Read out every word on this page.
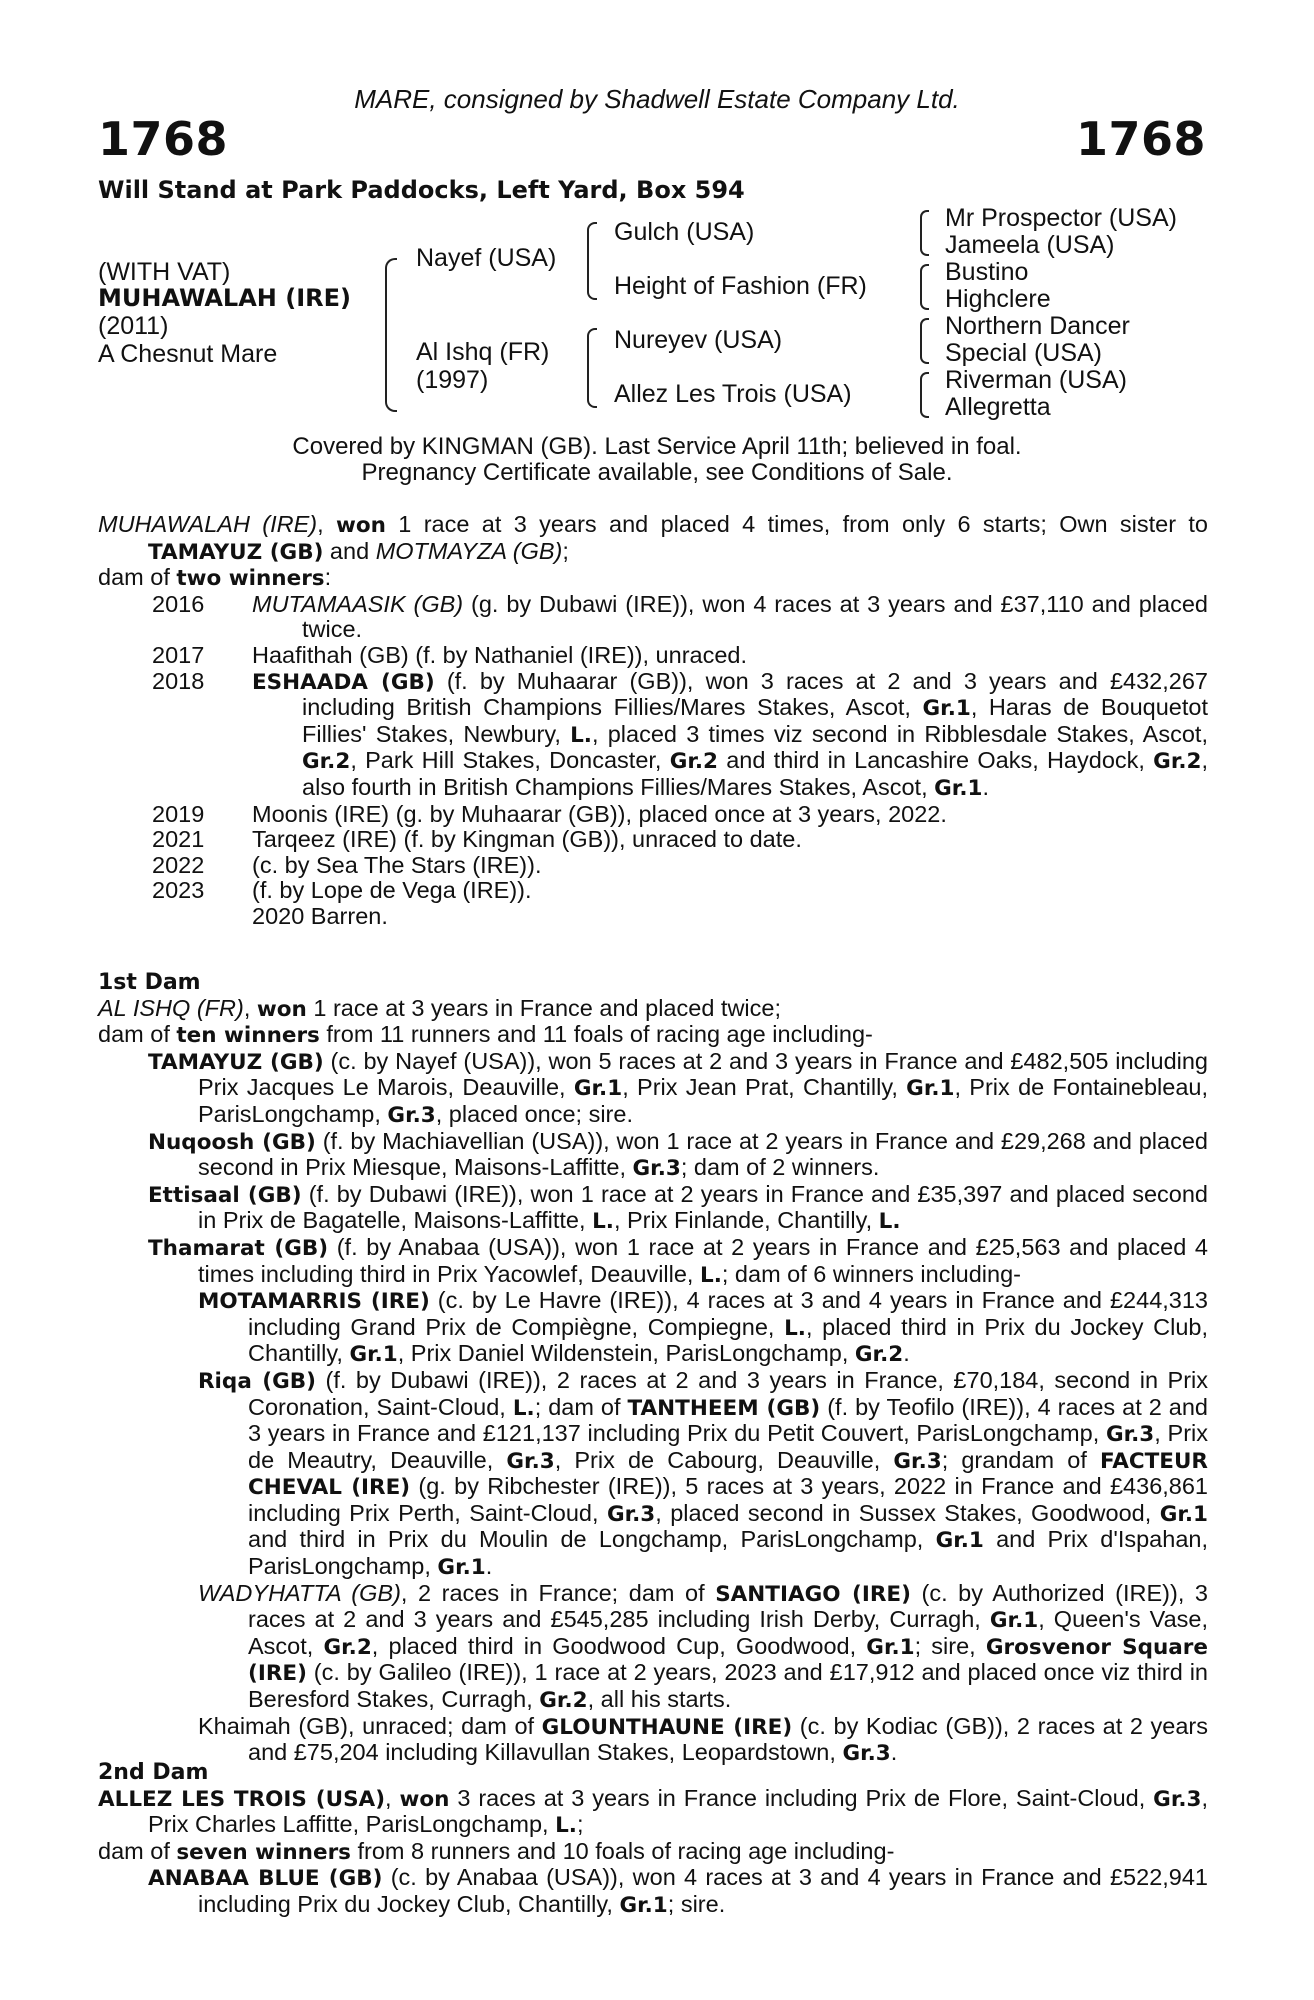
1768
MARE, consigned by Shadwell Estate Company Ltd.
1768
Will Stand at Park Paddocks, Left Yard, Box 594
(WITH VAT)
MUHAWALAH (IRE)
(2011)
A Chesnut Mare
Nayef (USA)
Al Ishq (FR)
(1997)
Gulch (USA)
Height of Fashion (FR)
Nureyev (USA)
Allez Les Trois (USA)
Mr Prospector (USA)
Jameela (USA)
Bustino
Highclere
Northern Dancer
Special (USA)
Riverman (USA)
Allegretta
Covered by KINGMAN (GB). Last Service April 11th; believed in foal.
Pregnancy Certificate available, see Conditions of Sale.

MUHAWALAH (IRE), won 1 race at 3 years and placed 4 times, from only 6 starts; Own sister to TAMAYUZ (GB) and MOTMAYZA (GB);

dam of two winners:

2016	MUTAMAASIK (GB) (g. by Dubawi (IRE)), won 4 races at 3 years and £37,110 and placed twice.
2017	Haafithah (GB) (f. by Nathaniel (IRE)), unraced.
2018	ESHAADA (GB) (f. by Muhaarar (GB)), won 3 races at 2 and 3 years and £432,267 including British Champions Fillies/Mares Stakes, Ascot, Gr.1, Haras de Bouquetot Fillies' Stakes, Newbury, L., placed 3 times viz second in Ribblesdale Stakes, Ascot, Gr.2, Park Hill Stakes, Doncaster, Gr.2 and third in Lancashire Oaks, Haydock, Gr.2, also fourth in British Champions Fillies/Mares Stakes, Ascot, Gr.1.
2019	Moonis (IRE) (g. by Muhaarar (GB)), placed once at 3 years, 2022.
2021	Tarqeez (IRE) (f. by Kingman (GB)), unraced to date.
2022	(c. by Sea The Stars (IRE)).
2023	(f. by Lope de Vega (IRE)).

2020 Barren.

1st Dam

AL ISHQ (FR), won 1 race at 3 years in France and placed twice;

dam of ten winners from 11 runners and 11 foals of racing age including-

TAMAYUZ (GB) (c. by Nayef (USA)), won 5 races at 2 and 3 years in France and £482,505 including Prix Jacques Le Marois, Deauville, Gr.1, Prix Jean Prat, Chantilly, Gr.1, Prix de Fontainebleau, ParisLongchamp, Gr.3, placed once; sire.

Nuqoosh (GB) (f. by Machiavellian (USA)), won 1 race at 2 years in France and £29,268 and placed second in Prix Miesque, Maisons-Laffitte, Gr.3; dam of 2 winners.

Ettisaal (GB) (f. by Dubawi (IRE)), won 1 race at 2 years in France and £35,397 and placed second in Prix de Bagatelle, Maisons-Laffitte, L., Prix Finlande, Chantilly, L.

Thamarat (GB) (f. by Anabaa (USA)), won 1 race at 2 years in France and £25,563 and placed 4 times including third in Prix Yacowlef, Deauville, L.; dam of 6 winners including-

MOTAMARRIS (IRE) (c. by Le Havre (IRE)), 4 races at 3 and 4 years in France and £244,313 including Grand Prix de Compiègne, Compiegne, L., placed third in Prix du Jockey Club, Chantilly, Gr.1, Prix Daniel Wildenstein, ParisLongchamp, Gr.2.

Riqa (GB) (f. by Dubawi (IRE)), 2 races at 2 and 3 years in France, £70,184, second in Prix Coronation, Saint-Cloud, L.; dam of TANTHEEM (GB) (f. by Teofilo (IRE)), 4 races at 2 and 3 years in France and £121,137 including Prix du Petit Couvert, ParisLongchamp, Gr.3, Prix de Meautry, Deauville, Gr.3, Prix de Cabourg, Deauville, Gr.3; grandam of FACTEUR CHEVAL (IRE) (g. by Ribchester (IRE)), 5 races at 3 years, 2022 in France and £436,861 including Prix Perth, Saint-Cloud, Gr.3, placed second in Sussex Stakes, Goodwood, Gr.1 and third in Prix du Moulin de Longchamp, ParisLongchamp, Gr.1 and Prix d'Ispahan, ParisLongchamp, Gr.1.

WADYHATTA (GB), 2 races in France; dam of SANTIAGO (IRE) (c. by Authorized (IRE)), 3 races at 2 and 3 years and £545,285 including Irish Derby, Curragh, Gr.1, Queen's Vase, Ascot, Gr.2, placed third in Goodwood Cup, Goodwood, Gr.1; sire, Grosvenor Square (IRE) (c. by Galileo (IRE)), 1 race at 2 years, 2023 and £17,912 and placed once viz third in Beresford Stakes, Curragh, Gr.2, all his starts.

Khaimah (GB), unraced; dam of GLOUNTHAUNE (IRE) (c. by Kodiac (GB)), 2 races at 2 years and £75,204 including Killavullan Stakes, Leopardstown, Gr.3.

2nd Dam

ALLEZ LES TROIS (USA), won 3 races at 3 years in France including Prix de Flore, Saint-Cloud, Gr.3, Prix Charles Laffitte, ParisLongchamp, L.;

dam of seven winners from 8 runners and 10 foals of racing age including-

ANABAA BLUE (GB) (c. by Anabaa (USA)), won 4 races at 3 and 4 years in France and £522,941 including Prix du Jockey Club, Chantilly, Gr.1; sire.
